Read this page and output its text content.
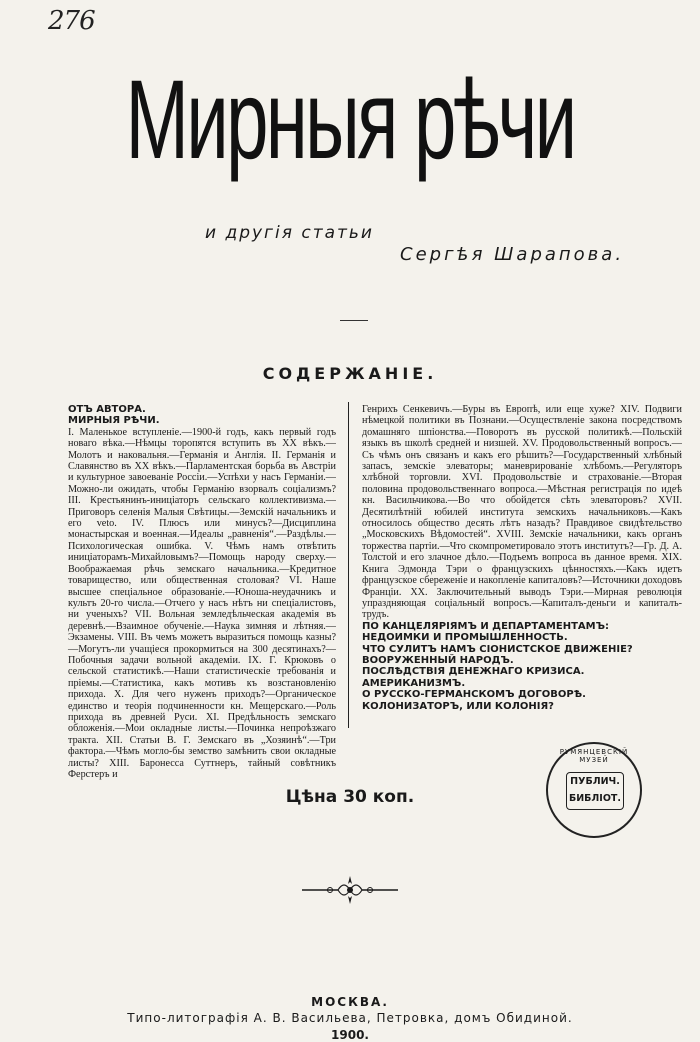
276
Мирныя рѣчи
и другія статьи
Сергѣя Шарапова.
СОДЕРЖАНІЕ.
ОТЪ АВТОРА.
МИРНЫЯ РѢЧИ.

I. Маленькое вступленіе.—1900-й годъ, какъ первый годъ новаго вѣка.—Нѣмцы торопятся вступить въ XX вѣкъ.—Молотъ и наковальня.—Германія и Англія. II. Германія и Славянство въ XX вѣкъ.—Парламентская борьба въ Австріи и культурное завоеваніе Россіи.—Успѣхи у насъ Германіи.—Можно-ли ожидать, чтобы Германію взорвалъ соціализмъ? III. Крестьянинъ-иниціаторъ сельскаго коллективизма.—Приговоръ селенія Малыя Свѣтицы.—Земскій начальникъ и его veto. IV. Плюсъ или минусъ?—Дисциплина монастырская и военная.—Идеалы „равненія“.—Раздѣлы.—Психологическая ошибка. V. Чѣмъ намъ отвѣтить иниціаторамъ-Михайловымъ?—Помощь народу сверху.—Воображаемая рѣчь земскаго начальника.—Кредитное товарищество, или общественная столовая? VI. Наше высшее спеціальное образованіе.—Юноша-неудачникъ и культъ 20-го числа.—Отчего у насъ нѣтъ ни спеціалистовъ, ни ученыхъ? VII. Вольная земледѣльческая академія въ деревнѣ.—Взаимное обученіе.—Наука зимняя и лѣтняя.—Экзамены. VIII. Въ чемъ можетъ выразиться помощь казны?—Могутъ-ли учащіеся прокормиться на 300 десятинахъ?—Побочныя задачи вольной академіи. IX. Г. Крюковъ о сельской статистикѣ.—Наши статистическіе требованія и пріемы.—Статистика, какъ мотивъ къ возстановленію прихода. X. Для чего нуженъ приходъ?—Органическое единство и теорія подчиненности кн. Мещерскаго.—Роль прихода въ древней Руси. XI. Предѣльность земскаго обложенія.—Мои окладные листы.—Починка непроѣзжаго тракта. XII. Статьи В. Г. Земскаго въ „Хозяинѣ“.—Три фактора.—Чѣмъ могло-бы земство замѣнить свои окладные листы? XIII. Баронесса Суттнеръ, тайный совѣтникъ Ферстеръ и

Генрихъ Сенкевичъ.—Буры въ Европѣ, или еще хуже? XIV. Подвиги нѣмецкой политики въ Познани.—Осуществленіе закона посредствомъ домашняго шпіонства.—Поворотъ въ русской политикѣ.—Польскій языкъ въ школѣ средней и низшей. XV. Продовольственный вопросъ.—Съ чѣмъ онъ связанъ и какъ его рѣшить?—Государственный хлѣбный запасъ, земскіе элеваторы; маневрированіе хлѣбомъ.—Регуляторъ хлѣбной торговли. XVI. Продовольствіе и страхованіе.—Вторая половина продовольственнаго вопроса.—Мѣстная регистрація по идеѣ кн. Васильчикова.—Во что обойдется сѣть элеваторовъ? XVII. Десятилѣтній юбилей института земскихъ начальниковъ.—Какъ относилось общество десять лѣтъ назадъ? Правдивое свидѣтельство „Московскихъ Вѣдомостей“. XVIII. Земскіе начальники, какъ органъ торжества партіи.—Что скомпрометировало этотъ институтъ?—Гр. Д. А. Толстой и его злачное дѣло.—Подъемъ вопроса въ данное время. XIX. Книга Эдмонда Тэри о французскихъ цѣнностяхъ.—Какъ идетъ французское сбереженіе и накопленіе капиталовъ?—Источники доходовъ Франціи. XX. Заключительный выводъ Тэри.—Мирная революція упраздняющая соціальный вопросъ.—Капиталъ-деньги и капиталъ-трудъ.

ПО КАНЦЕЛЯРІЯМЪ И ДЕПАРТАМЕНТАМЪ:
НЕДОИМКИ И ПРОМЫШЛЕННОСТЬ.
ЧТО СУЛИТЪ НАМЪ СІОНИСТСКОЕ ДВИЖЕНІЕ?
ВООРУЖЕННЫЙ НАРОДЪ.
ПОСЛѢДСТВІЯ ДЕНЕЖНАГО КРИЗИСА.
АМЕРИКАНИЗМЪ.
О РУССКО-ГЕРМАНСКОМЪ ДОГОВОРѢ.
КОЛОНИЗАТОРЪ, ИЛИ КОЛОНІЯ?
Цѣна 30 коп.
РУМЯНЦЕВСКІЙ МУЗЕЙ
ПУБЛИЧ.
БИБЛІОТ.
МОСКВА.
Типо-литографія А. В. Васильева, Петровка, домъ Обидиной.
1900.
